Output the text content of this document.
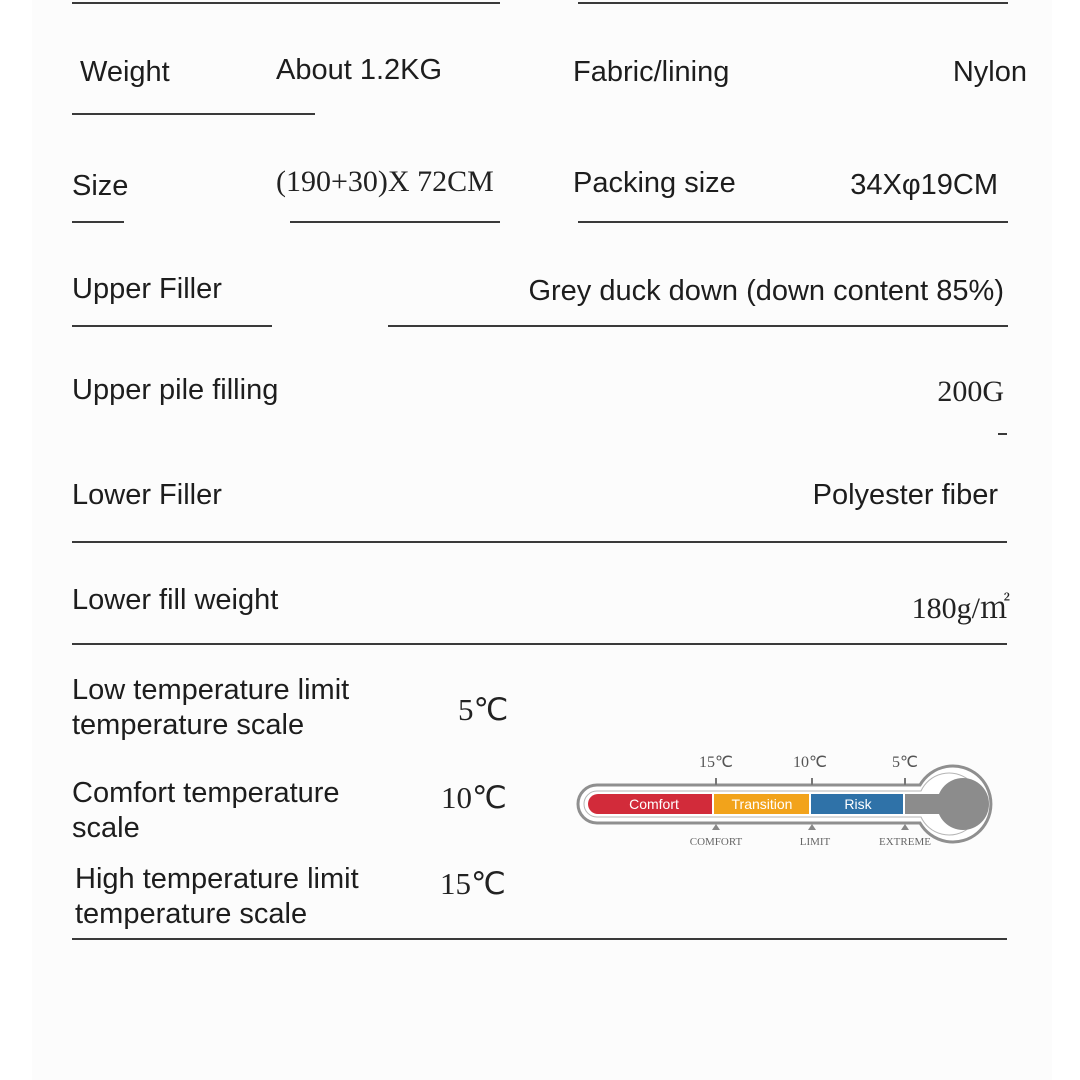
Weight	About 1.2KG	Fabric/lining	Nylon
Size	(190+30)X 72CM	Packing size	34Xφ19CM
Upper Filler	Grey duck down (down content 85%)
Upper pile filling	200G
Lower Filler	Polyester fiber
Lower fill weight	180g/㎡
Low temperature limit
temperature scale	5℃
Comfort temperature
scale
10℃
High temperature limit
temperature scale
15℃
Comfort	Transition	Risk
15℃	10℃	5℃
COMFORT	LIMIT	EXTREME
